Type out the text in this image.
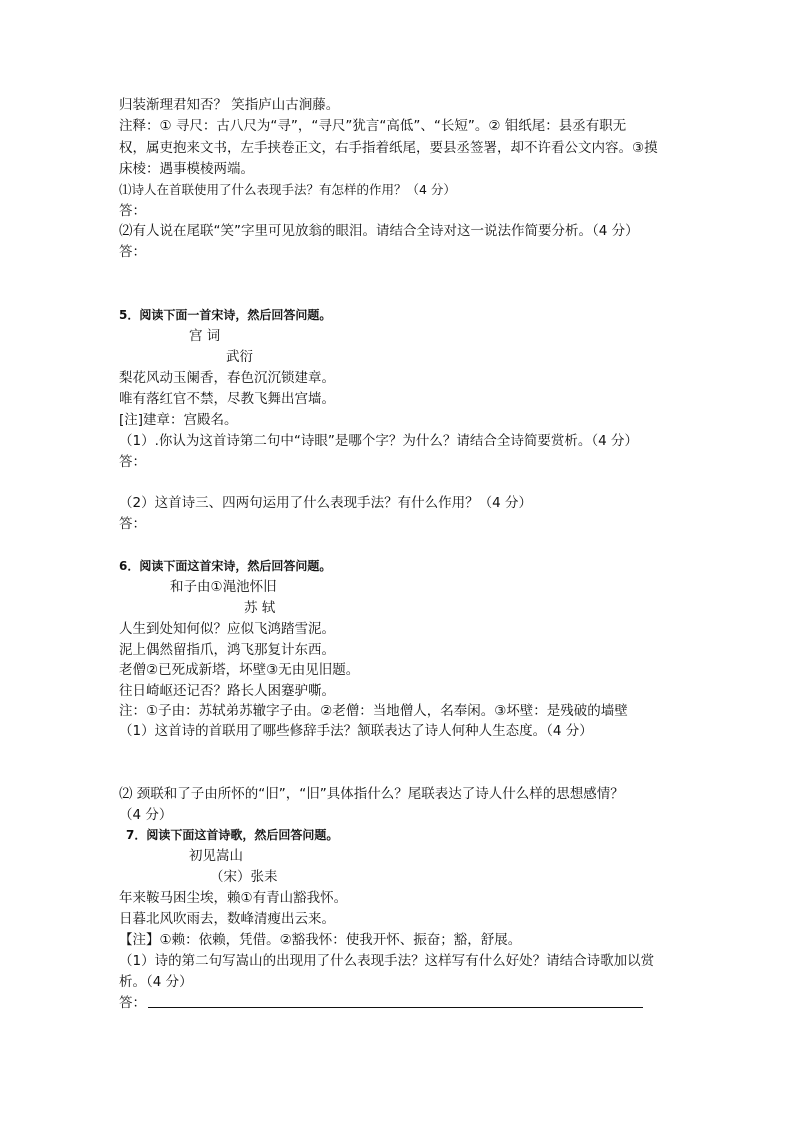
归装渐理君知否？ 笑指庐山古涧藤。
注释：① 寻尺：古八尺为“寻”，“寻尺”犹言“高低”、“长短”。② 钼纸尾：县丞有职无
权，属吏抱来文书，左手挟卷正文，右手指着纸尾，要县丞签署，却不许看公文内容。③摸
床棱：遇事模棱两端。
⑴诗人在首联使用了什么表现手法？有怎样的作用？（4 分）
答：
⑵有人说在尾联“笑”字里可见放翁的眼泪。请结合全诗对这一说法作简要分析。（4 分）
答：
5．阅读下面一首宋诗，然后回答问题。
宫 词
武衍
梨花风动玉阑香，春色沉沉锁建章。
唯有落红官不禁，尽教飞舞出宫墙。
[注]建章：宫殿名。
（1）.你认为这首诗第二句中“诗眼”是哪个字？为什么？请结合全诗简要赏析。（4 分）
答：
（2）这首诗三、四两句运用了什么表现手法？有什么作用？（4 分）
答：
6．阅读下面这首宋诗，然后回答问题。
和子由①渑池怀旧
苏 轼
人生到处知何似？应似飞鸿踏雪泥。
泥上偶然留指爪，鸿飞那复计东西。
老僧②已死成新塔，坏壁③无由见旧题。
往日崎岖还记否？路长人困蹇驴嘶。
注：①子由：苏轼弟苏辙字子由。②老僧：当地僧人，名奉闲。③坏壁：是残破的墙壁
（1）这首诗的首联用了哪些修辞手法？颔联表达了诗人何种人生态度。（4 分）
⑵ 颈联和了子由所怀的“旧”，“旧”具体指什么？尾联表达了诗人什么样的思想感情？
（4 分）
7．阅读下面这首诗歌，然后回答问题。
初见嵩山
（宋）张耒
年来鞍马困尘埃，赖①有青山豁我怀。
日暮北风吹雨去，数峰清瘦出云来。
【注】①赖：依赖，凭借。②豁我怀：使我开怀、振奋；豁，舒展。
（1）诗的第二句写嵩山的出现用了什么表现手法？这样写有什么好处？请结合诗歌加以赏
析。（4 分）
答：
